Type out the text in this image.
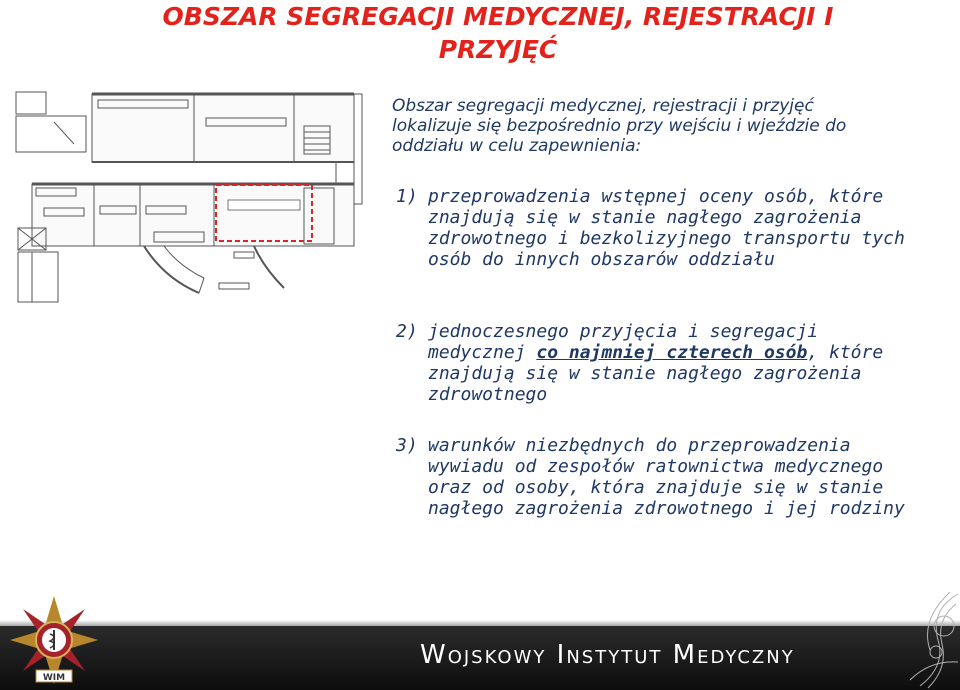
OBSZAR SEGREGACJI MEDYCZNEJ, REJESTRACJI I PRZYJĘĆ
Obszar segregacji medycznej, rejestracji i przyjęć lokalizuje się bezpośrednio przy wejściu i wjeździe do oddziału w celu zapewnienia:
1) przeprowadzenia wstępnej oceny osób, które znajdują się w stanie nagłego zagrożenia zdrowotnego i bezkolizyjnego transportu tych osób do innych obszarów oddziału
2) jednoczesnego przyjęcia i segregacji medycznej co najmniej czterech osób, które znajdują się w stanie nagłego zagrożenia zdrowotnego
3) warunków niezbędnych do przeprowadzenia wywiadu od zespołów ratownictwa medycznego oraz od osoby, która znajduje się w stanie nagłego zagrożenia zdrowotnego i jej rodziny
Wojskowy Instytut Medyczny
WIM
